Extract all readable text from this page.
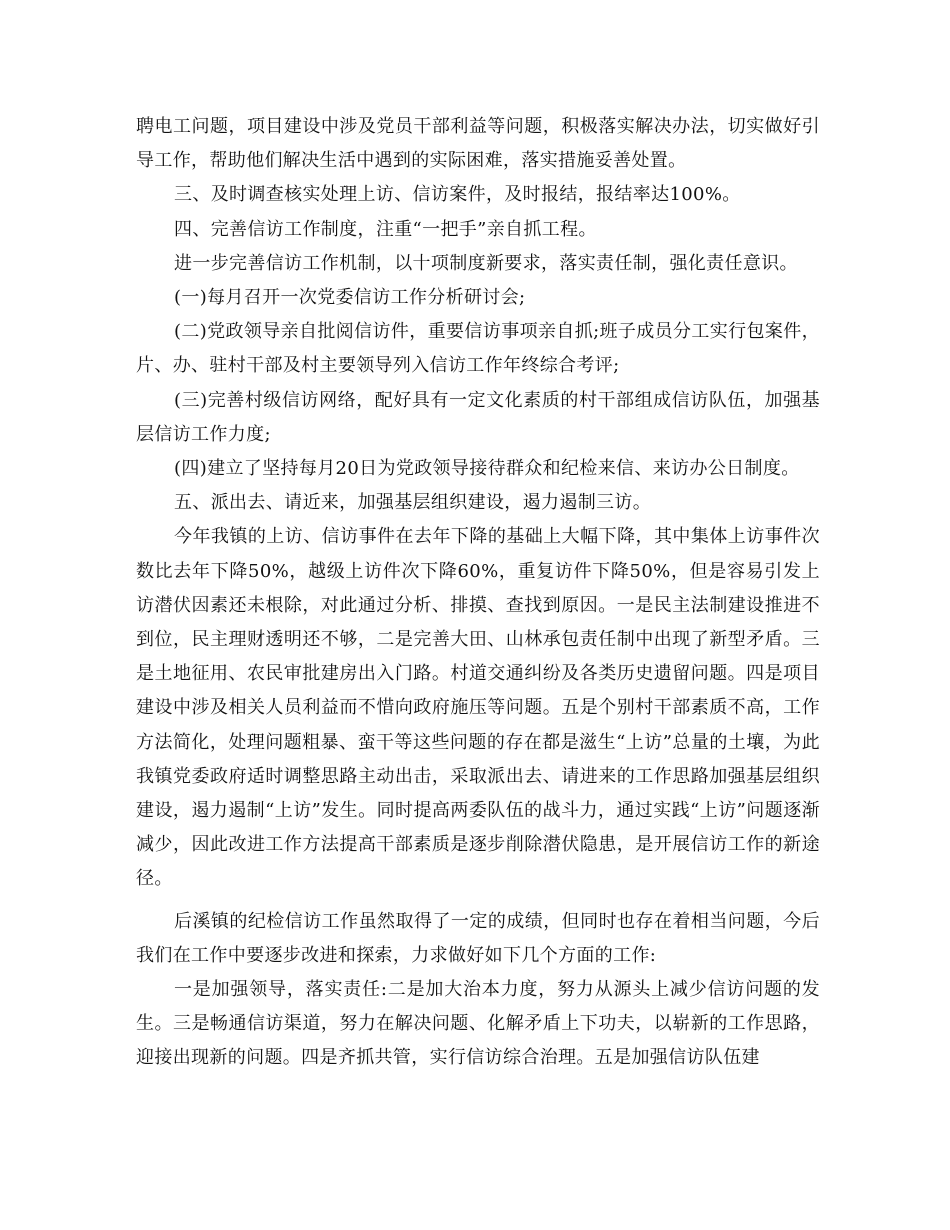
聘电工问题，项目建设中涉及党员干部利益等问题，积极落实解决办法，切实做好引导工作，帮助他们解决生活中遇到的实际困难，落实措施妥善处置。

三、及时调查核实处理上访、信访案件，及时报结，报结率达100%。

四、完善信访工作制度，注重“一把手”亲自抓工程。

进一步完善信访工作机制，以十项制度新要求，落实责任制，强化责任意识。

(一)每月召开一次党委信访工作分析研讨会;

(二)党政领导亲自批阅信访件，重要信访事项亲自抓;班子成员分工实行包案件，片、办、驻村干部及村主要领导列入信访工作年终综合考评;

(三)完善村级信访网络，配好具有一定文化素质的村干部组成信访队伍，加强基层信访工作力度;

(四)建立了坚持每月20日为党政领导接待群众和纪检来信、来访办公日制度。

五、派出去、请近来，加强基层组织建设，遏力遏制三访。

今年我镇的上访、信访事件在去年下降的基础上大幅下降，其中集体上访事件次数比去年下降50%，越级上访件次下降60%，重复访件下降50%，但是容易引发上访潜伏因素还未根除，对此通过分析、排摸、查找到原因。一是民主法制建设推进不到位，民主理财透明还不够，二是完善大田、山林承包责任制中出现了新型矛盾。三是土地征用、农民审批建房出入门路。村道交通纠纷及各类历史遗留问题。四是项目建设中涉及相关人员利益而不惜向政府施压等问题。五是个别村干部素质不高，工作方法简化，处理问题粗暴、蛮干等这些问题的存在都是滋生“上访”总量的土壤，为此我镇党委政府适时调整思路主动出击，采取派出去、请进来的工作思路加强基层组织建设，遏力遏制“上访”发生。同时提高两委队伍的战斗力，通过实践“上访”问题逐渐减少，因此改进工作方法提高干部素质是逐步削除潜伏隐患，是开展信访工作的新途径。

后溪镇的纪检信访工作虽然取得了一定的成绩，但同时也存在着相当问题，今后我们在工作中要逐步改进和探索，力求做好如下几个方面的工作:

一是加强领导，落实责任:二是加大治本力度，努力从源头上减少信访问题的发生。三是畅通信访渠道，努力在解决问题、化解矛盾上下功夫，以崭新的工作思路，迎接出现新的问题。四是齐抓共管，实行信访综合治理。五是加强信访队伍建
